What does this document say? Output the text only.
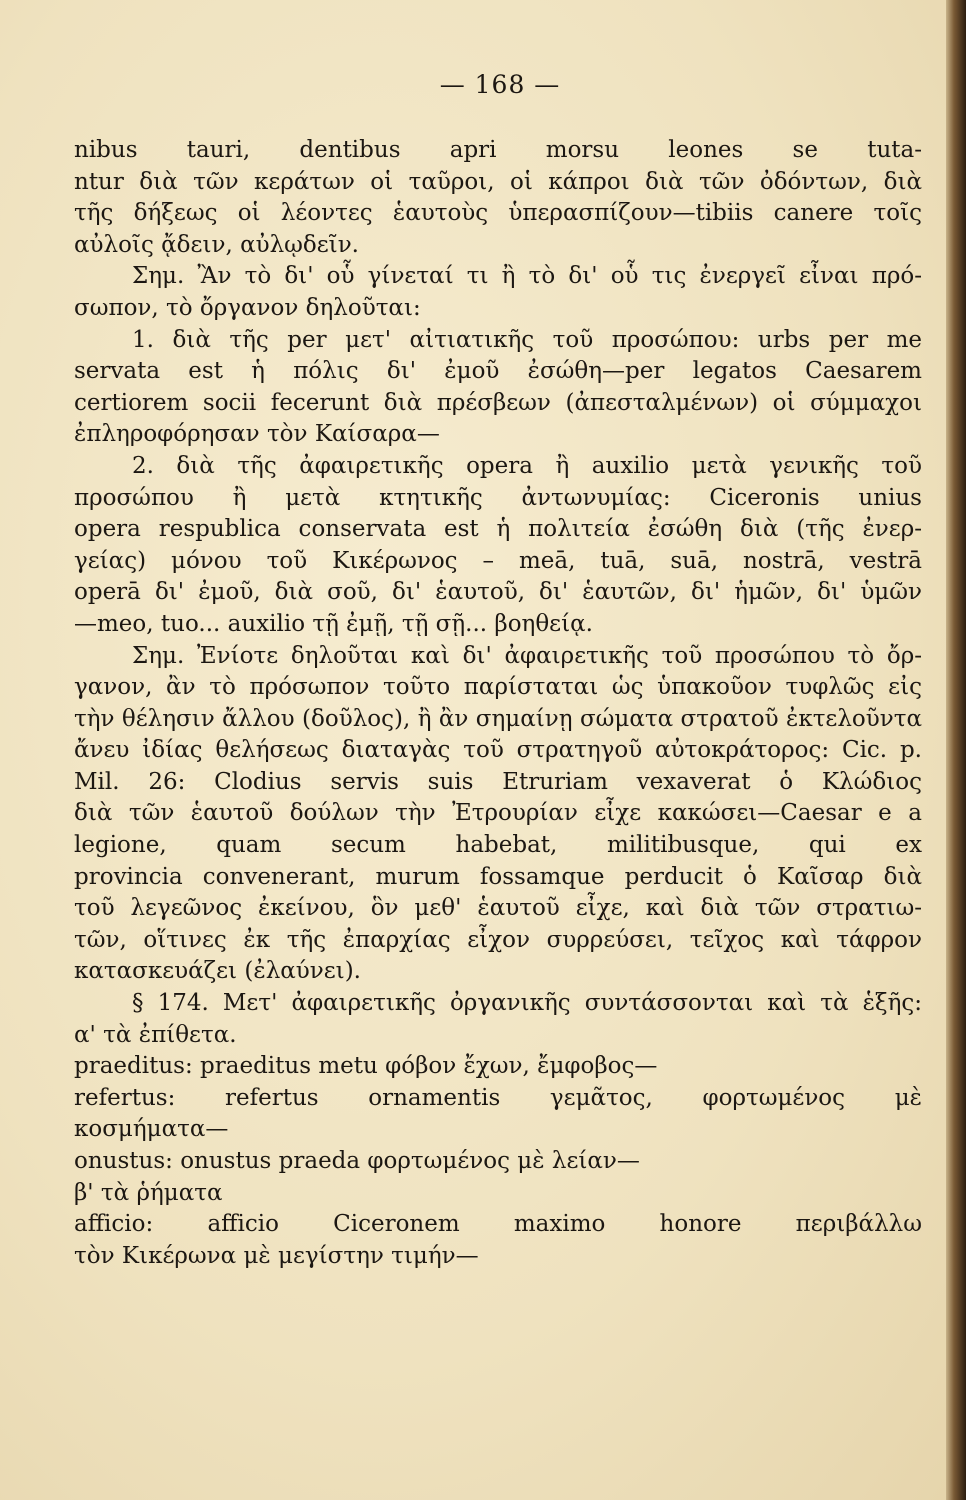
— 168 —
nibus tauri, dentibus apri morsu leones se tuta-
ntur διὰ τῶν κεράτων οἱ ταῦροι, οἱ κάπροι διὰ τῶν ὀδόντων, διὰ
τῆς δήξεως οἱ λέοντες ἑαυτοὺς ὑπερασπίζουν—tibiis canere τοῖς
αὐλοῖς ᾄδειν, αὐλῳδεῖν.
Σημ. Ἂν τὸ δι' οὗ γίνεταί τι ἢ τὸ δι' οὗ τις ἐνεργεῖ εἶναι πρό-
σωπον, τὸ ὄργανον δηλοῦται:
1. διὰ τῆς per μετ' αἰτιατικῆς τοῦ προσώπου: urbs per me
servata est ἡ πόλις δι' ἐμοῦ ἐσώθη—per legatos Caesarem
certiorem socii fecerunt διὰ πρέσβεων (ἀπεσταλμένων) οἱ σύμμαχοι
ἐπληροφόρησαν τὸν Καίσαρα—
2. διὰ τῆς ἀφαιρετικῆς opera ἢ auxilio μετὰ γενικῆς τοῦ
προσώπου ἢ μετὰ κτητικῆς ἀντωνυμίας: Ciceronis unius
opera respublica conservata est ἡ πολιτεία ἐσώθη διὰ (τῆς ἐνερ-
γείας) μόνου τοῦ Κικέρωνος – meā, tuā, suā, nostrā, vestrā
operā δι' ἐμοῦ, διὰ σοῦ, δι' ἑαυτοῦ, δι' ἑαυτῶν, δι' ἡμῶν, δι' ὑμῶν
—meo, tuo... auxilio τῇ ἐμῇ, τῇ σῇ... βοηθείᾳ.
Σημ. Ἐνίοτε δηλοῦται καὶ δι' ἀφαιρετικῆς τοῦ προσώπου τὸ ὄρ-
γανον, ἂν τὸ πρόσωπον τοῦτο παρίσταται ὡς ὑπακοῦον τυφλῶς εἰς
τὴν θέλησιν ἄλλου (δοῦλος), ἢ ἂν σημαίνῃ σώματα στρατοῦ ἐκτελοῦντα
ἄνευ ἰδίας θελήσεως διαταγὰς τοῦ στρατηγοῦ αὐτοκράτορος: Cic. p.
Mil. 26: Clodius servis suis Etruriam vexaverat ὁ Κλώδιος
διὰ τῶν ἑαυτοῦ δούλων τὴν Ἐτρουρίαν εἶχε κακώσει—Caesar e a
legione, quam secum habebat, militibusque, qui ex
provincia convenerant, murum fossamque perducit ὁ Καῖσαρ διὰ
τοῦ λεγεῶνος ἐκείνου, ὃν μεθ' ἑαυτοῦ εἶχε, καὶ διὰ τῶν στρατιω-
τῶν, οἵτινες ἐκ τῆς ἐπαρχίας εἶχον συρρεύσει, τεῖχος καὶ τάφρον
κατασκευάζει (ἐλαύνει).
§ 174. Μετ' ἀφαιρετικῆς ὀργανικῆς συντάσσονται καὶ τὰ ἑξῆς:
α' τὰ ἐπίθετα.
praeditus: praeditus metu φόβον ἔχων, ἔμφοβος—
refertus: refertus ornamentis γεμᾶτος, φορτωμένος μὲ
κοσμήματα—
onustus: onustus praeda φορτωμένος μὲ λείαν—
β' τὰ ῥήματα
afficio: afficio Ciceronem maximo honore περιβάλλω
τὸν Κικέρωνα μὲ μεγίστην τιμήν—
